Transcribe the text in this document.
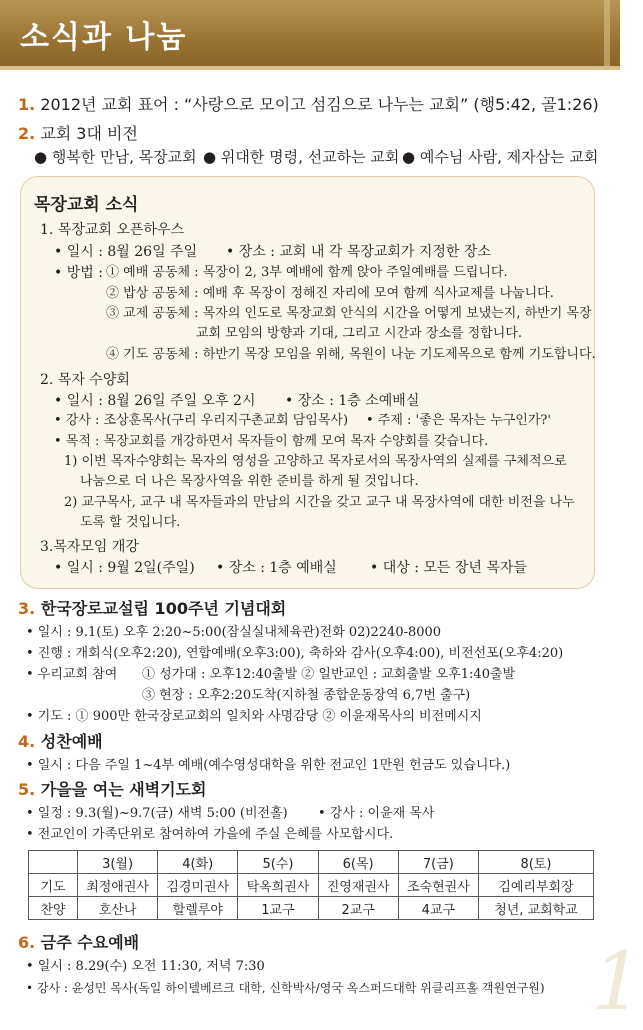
소식과 나눔
1. 2012년 교회 표어 : “사랑으로 모이고 섬김으로 나누는 교회” (행5:42, 골1:26)
2. 교회 3대 비전
● 행복한 만남, 목장교회 ● 위대한 명령, 선교하는 교회 ● 예수님 사람, 제자삼는 교회
목장교회 소식
1. 목장교회 오픈하우스
• 일시 : 8월 26일 주일 • 장소 : 교회 내 각 목장교회가 지정한 장소
• 방법 : ① 예배 공동체 : 목장이 2, 3부 예배에 함께 앉아 주일예배를 드립니다.
② 밥상 공동체 : 예배 후 목장이 정해진 자리에 모여 함께 식사교제를 나눕니다.
③ 교제 공동체 : 목자의 인도로 목장교회 안식의 시간을 어떻게 보냈는지, 하반기 목장
교회 모임의 방향과 기대, 그리고 시간과 장소를 정합니다.
④ 기도 공동체 : 하반기 목장 모임을 위해, 목원이 나눈 기도제목으로 함께 기도합니다.
2. 목자 수양회
• 일시 : 8월 26일 주일 오후 2시 • 장소 : 1층 소예배실
• 강사 : 조상훈목사(구리 우리지구촌교회 담임목사) • 주제 : '좋은 목자는 누구인가?'
• 목적 : 목장교회를 개강하면서 목자들이 함께 모여 목자 수양회를 갖습니다.
1) 이번 목자수양회는 목자의 영성을 고양하고 목자로서의 목장사역의 실제를 구체적으로
나눔으로 더 나은 목장사역을 위한 준비를 하게 될 것입니다.
2) 교구목사, 교구 내 목자들과의 만남의 시간을 갖고 교구 내 목장사역에 대한 비전을 나누
도록 할 것입니다.
3.목자모임 개강
• 일시 : 9월 2일(주일) • 장소 : 1층 예배실 • 대상 : 모든 장년 목자들
3. 한국장로교설립 100주년 기념대회
• 일시 : 9.1(토) 오후 2:20~5:00(잠실실내체육관)전화 02)2240-8000
• 진행 : 개회식(오후2:20), 연합예배(오후3:00), 축하와 감사(오후4:00), 비전선포(오후4:20)
• 우리교회 참여 ① 성가대 : 오후12:40출발 ② 일반교인 : 교회출발 오후1:40출발
③ 현장 : 오후2:20도착(지하철 종합운동장역 6,7번 출구)
• 기도 : ① 900만 한국장로교회의 일치와 사명감당 ② 이윤재목사의 비전메시지
4. 성찬예배
• 일시 : 다음 주일 1~4부 예배(예수영성대학을 위한 전교인 1만원 헌금도 있습니다.)
5. 가을을 여는 새벽기도회
• 일정 : 9.3(월)~9.7(금) 새벽 5:00 (비전홀) • 강사 : 이윤재 목사
• 전교인이 가족단위로 참여하여 가을에 주실 은혜를 사모합시다.
	3(월)	4(화)	5(수)	6(목)	7(금)	8(토)
기도	최정애권사	김경미권사	탁옥희권사	진영재권사	조숙현권사	김예리부회장
찬양	호산나	할렐루야	1교구	2교구	4교구	청년, 교회학교
6. 금주 수요예배
• 일시 : 8.29(수) 오전 11:30, 저녁 7:30
• 강사 : 윤성민 목사(독일 하이델베르크 대학, 신학박사/영국 옥스퍼드대학 위클리프홀 객원연구원) 1
